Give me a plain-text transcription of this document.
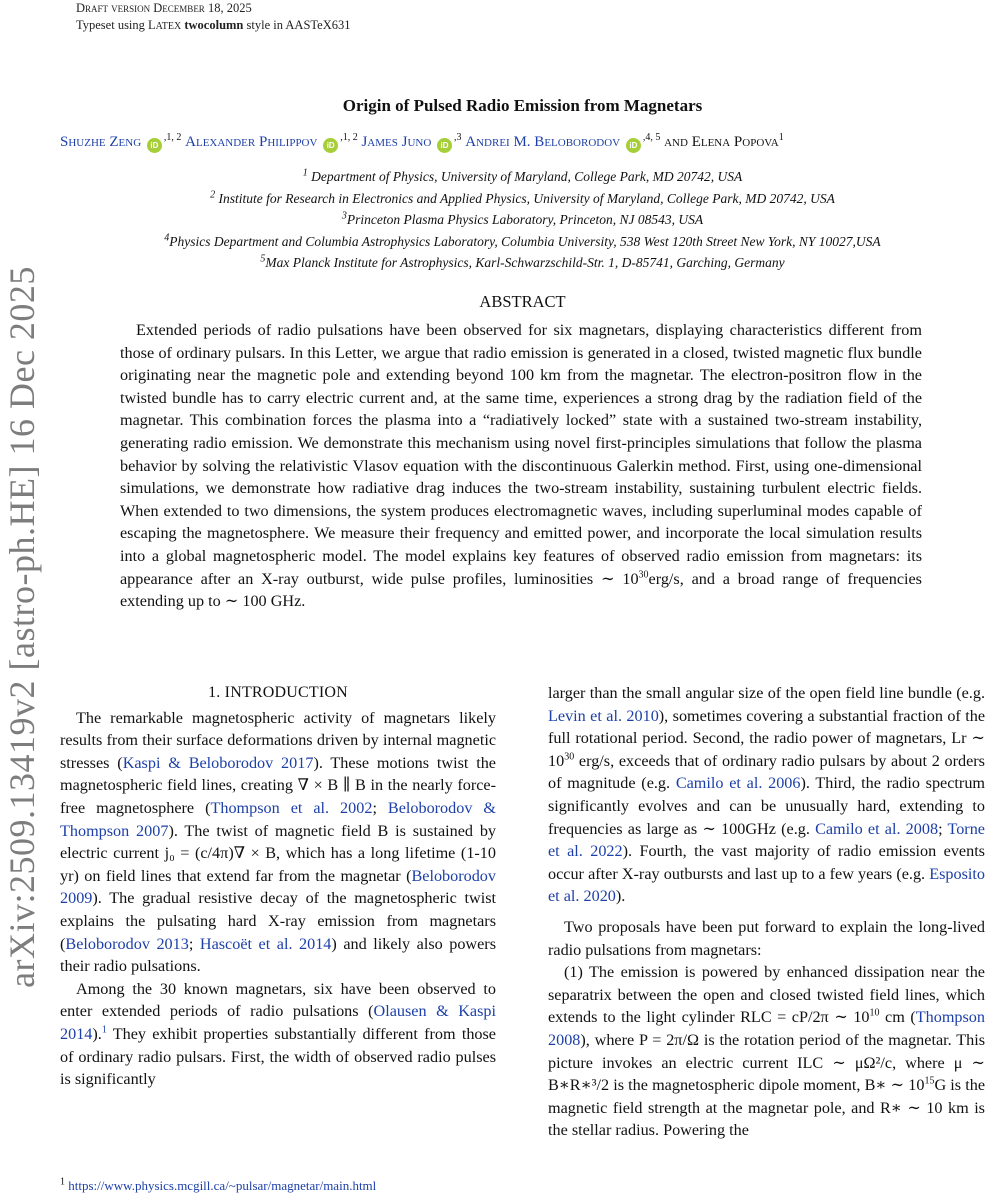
Draft version December 18, 2025
Typeset using LATEX twocolumn style in AASTeX631
arXiv:2509.13419v2 [astro-ph.HE] 16 Dec 2025
Origin of Pulsed Radio Emission from Magnetars
Shuzhe Zeng $iD^{,1, 2}$ Alexander Philippov $iD^{,1, 2}$ James Juno $iD^{,3}$ Andrei M. Beloborodov $iD^{,4, 5}$ and Elena Popova$^1$
$^1$ Department of Physics, University of Maryland, College Park, MD 20742, USA
$^2$ Institute for Research in Electronics and Applied Physics, University of Maryland, College Park, MD 20742, USA
$^3$Princeton Plasma Physics Laboratory, Princeton, NJ 08543, USA
$^4$Physics Department and Columbia Astrophysics Laboratory, Columbia University, 538 West 120th Street New York, NY 10027,USA
$^5$Max Planck Institute for Astrophysics, Karl-Schwarzschild-Str. 1, D-85741, Garching, Germany
ABSTRACT
Extended periods of radio pulsations have been observed for six magnetars, displaying characteristics different from those of ordinary pulsars. In this Letter, we argue that radio emission is generated in a closed, twisted magnetic flux bundle originating near the magnetic pole and extending beyond 100 km from the magnetar. The electron-positron flow in the twisted bundle has to carry electric current and, at the same time, experiences a strong drag by the radiation field of the magnetar. This combination forces the plasma into a “radiatively locked” state with a sustained two-stream instability, generating radio emission. We demonstrate this mechanism using novel first-principles simulations that follow the plasma behavior by solving the relativistic Vlasov equation with the discontinuous Galerkin method. First, using one-dimensional simulations, we demonstrate how radiative drag induces the two-stream instability, sustaining turbulent electric fields. When extended to two dimensions, the system produces electromagnetic waves, including superluminal modes capable of escaping the magnetosphere. We measure their frequency and emitted power, and incorporate the local simulation results into a global magnetospheric model. The model explains key features of observed radio emission from magnetars: its appearance after an X-ray outburst, wide pulse profiles, luminosities ∼ $10^{30}erg/s$, and a broad range of frequencies extending up to ∼ 100 GHz.
1. INTRODUCTION

The remarkable magnetospheric activity of magnetars likely results from their surface deformations driven by internal magnetic stresses (Kaspi & Beloborodov 2017). These motions twist the magnetospheric field lines, creating ∇ × B ∥ B in the nearly force-free magnetosphere (Thompson et al. 2002; Beloborodov & Thompson 2007). The twist of magnetic field B is sustained by electric current j₀ = (c/4π)∇ × B, which has a long lifetime (1-10 yr) on field lines that extend far from the magnetar (Beloborodov 2009). The gradual resistive decay of the magnetospheric twist explains the pulsating hard X-ray emission from magnetars (Beloborodov 2013; Hascoët et al. 2014) and likely also powers their radio pulsations.

Among the 30 known magnetars, six have been observed to enter extended periods of radio pulsations (Olausen & Kaspi 2014).$^1$ They exhibit properties substantially different from those of ordinary radio pulsars. First, the width of observed radio pulses is significantly

larger than the small angular size of the open field line bundle (e.g. Levin et al. 2010), sometimes covering a substantial fraction of the full rotational period. Second, the radio power of magnetars, Lr ∼ $10^{30}$ erg/s, exceeds that of ordinary radio pulsars by about 2 orders of magnitude (e.g. Camilo et al. 2006). Third, the radio spectrum significantly evolves and can be unusually hard, extending to frequencies as large as ∼ 100GHz (e.g. Camilo et al. 2008; Torne et al. 2022). Fourth, the vast majority of radio emission events occur after X-ray outbursts and last up to a few years (e.g. Esposito et al. 2020).

Two proposals have been put forward to explain the long-lived radio pulsations from magnetars:

(1) The emission is powered by enhanced dissipation near the separatrix between the open and closed twisted field lines, which extends to the light cylinder RLC = cP/2π ∼ $10^{10}$ cm (Thompson 2008), where P = 2π/Ω is the rotation period of the magnetar. This picture invokes an electric current ILC ∼ μΩ²/c, where μ ∼ B∗R∗³/2 is the magnetospheric dipole moment, B∗ ∼ $10^{15}G$ is the magnetic field strength at the magnetar pole, and R∗ ∼ 10 km is the stellar radius. Powering the

$^1$ https://www.physics.mcgill.ca/~pulsar/magnetar/main.html
